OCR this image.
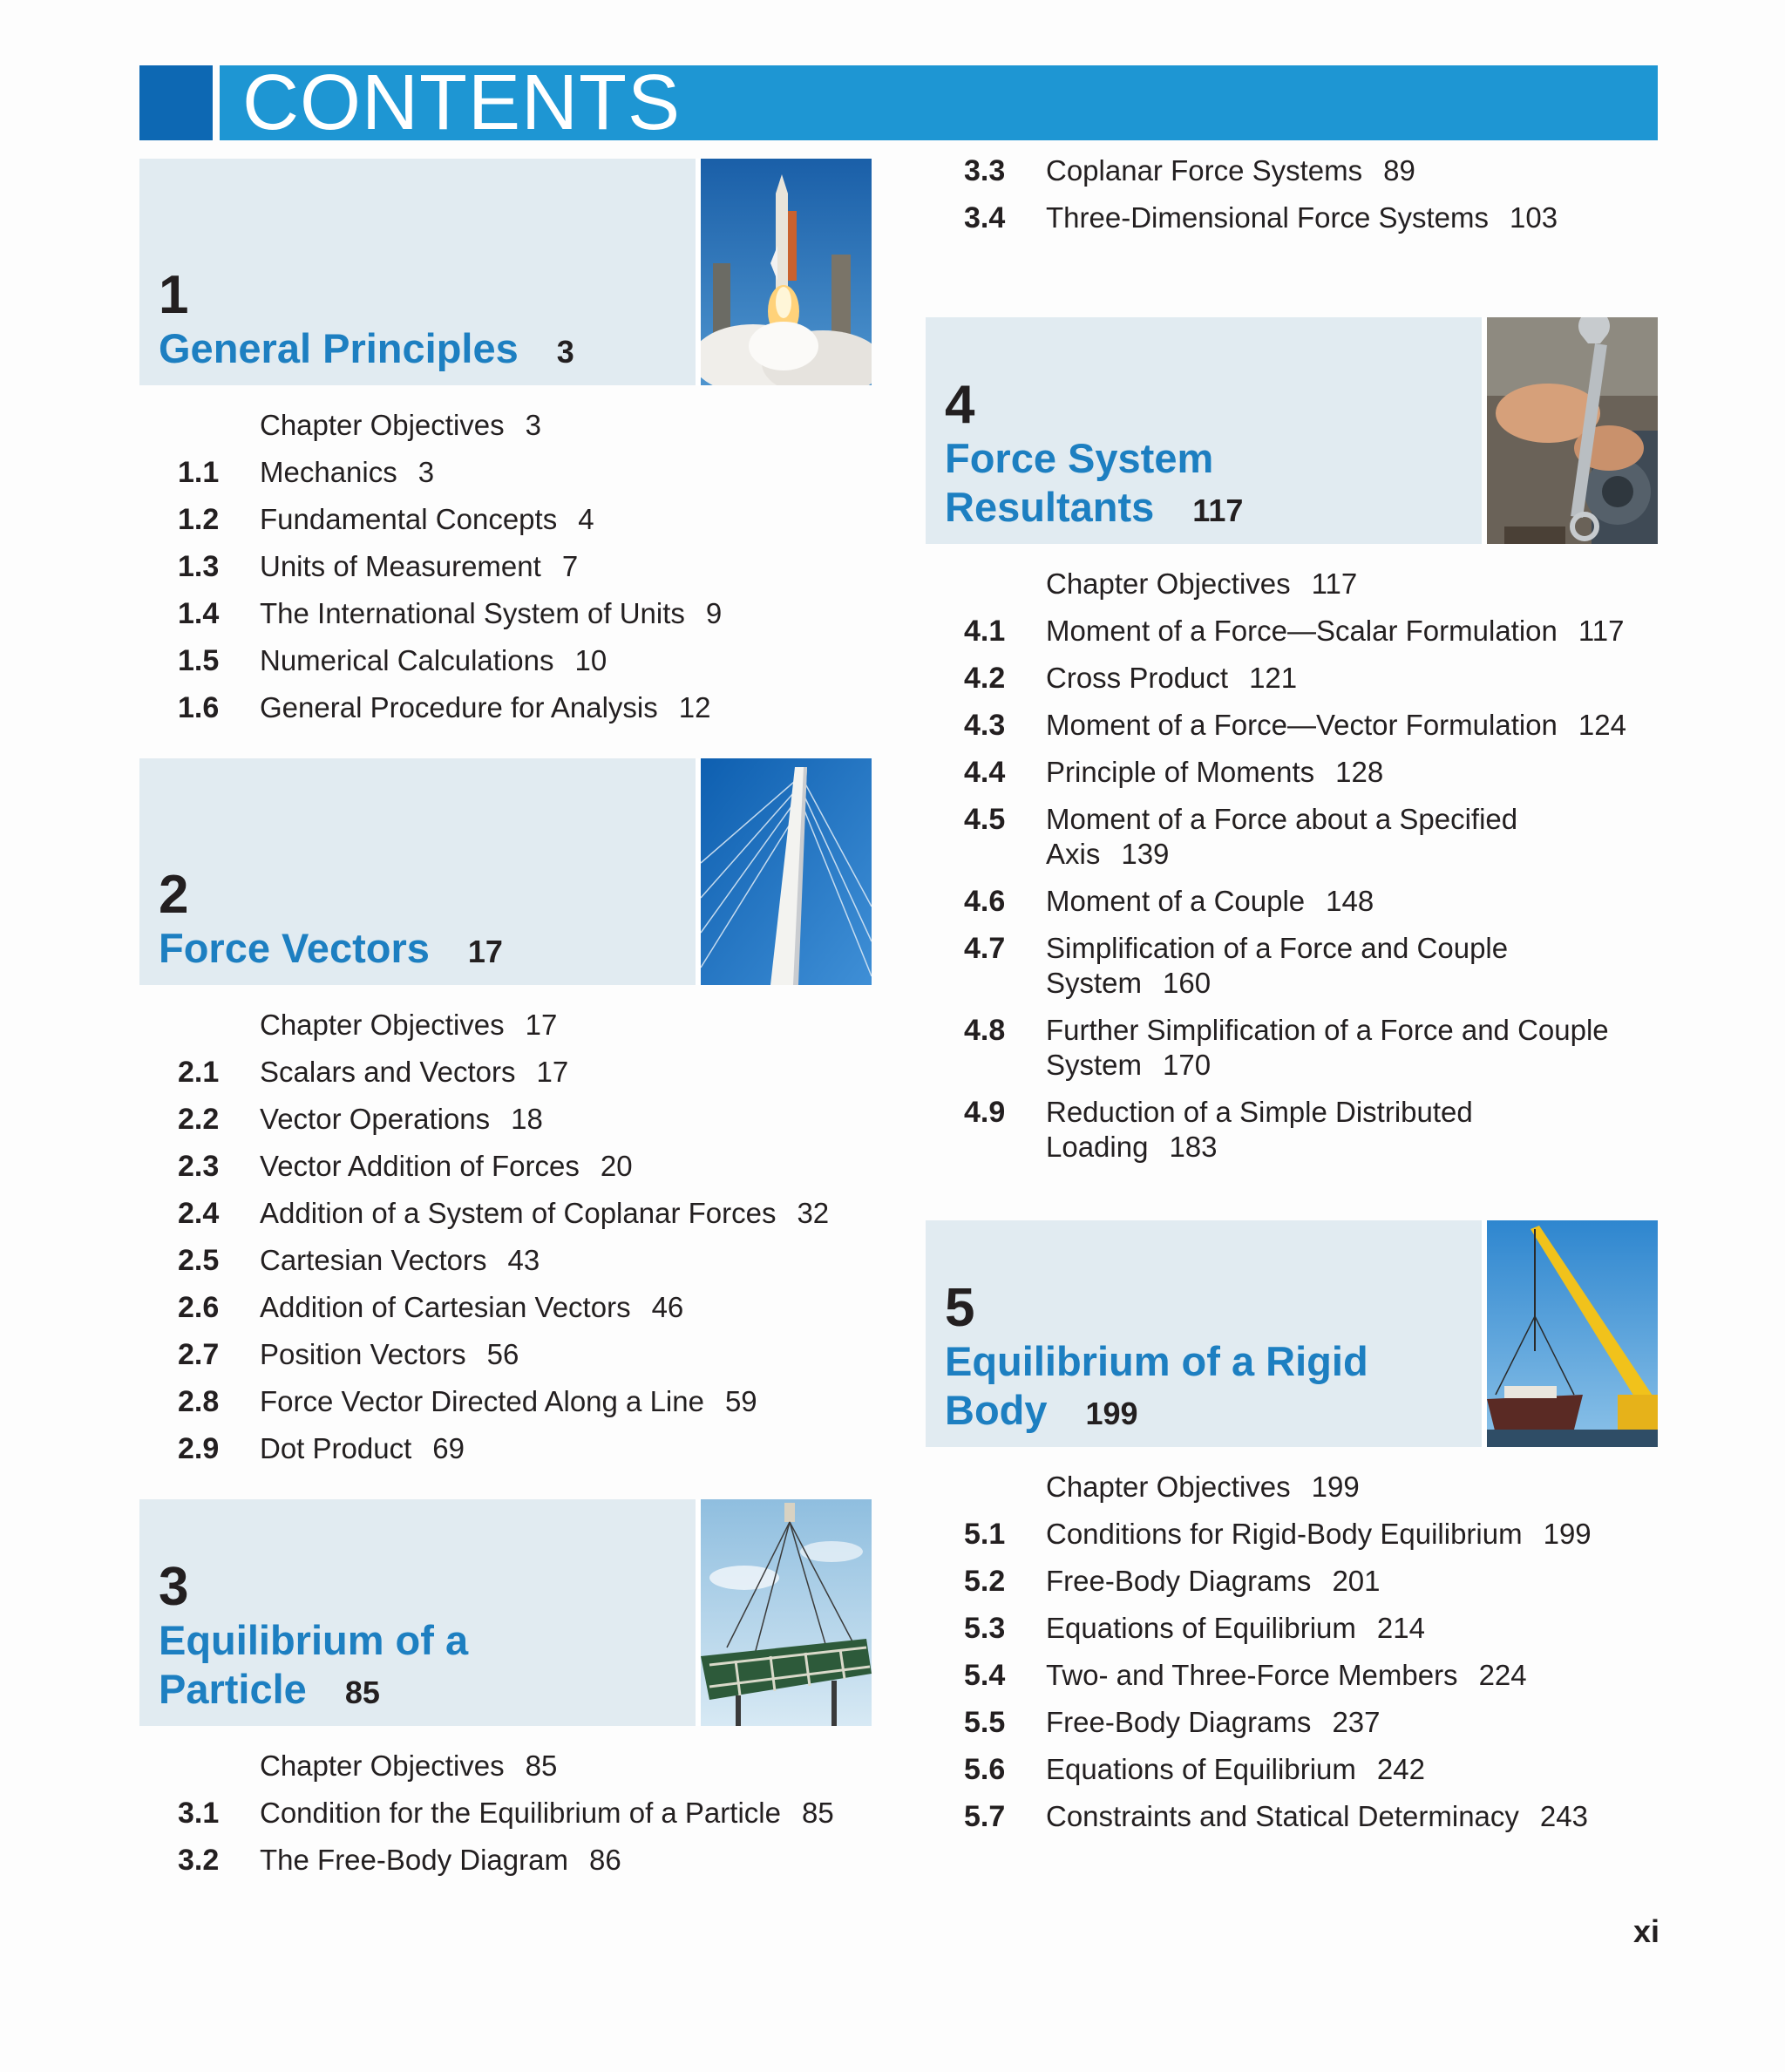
CONTENTS
1
General Principles 3
Chapter Objectives 3
1.1	Mechanics 3
1.2	Fundamental Concepts 4
1.3	Units of Measurement 7
1.4	The International System of Units 9
1.5	Numerical Calculations 10
1.6	General Procedure for Analysis 12
2
Force Vectors 17
Chapter Objectives 17
2.1	Scalars and Vectors 17
2.2	Vector Operations 18
2.3	Vector Addition of Forces 20
2.4	Addition of a System of Coplanar Forces 32
2.5	Cartesian Vectors 43
2.6	Addition of Cartesian Vectors 46
2.7	Position Vectors 56
2.8	Force Vector Directed Along a Line 59
2.9	Dot Product 69
3
Equilibrium of a Particle 85
Chapter Objectives 85
3.1	Condition for the Equilibrium of a Particle 85
3.2	The Free-Body Diagram 86
3.3	Coplanar Force Systems 89
3.4	Three-Dimensional Force Systems 103
4
Force System
Resultants 117
Chapter Objectives 117
4.1	Moment of a Force—Scalar Formulation 117
4.2	Cross Product 121
4.3	Moment of a Force—Vector Formulation 124
4.4	Principle of Moments 128
4.5	Moment of a Force about a Specified Axis 139
4.6	Moment of a Couple 148
4.7	Simplification of a Force and Couple System 160
4.8	Further Simplification of a Force and Couple System 170
4.9	Reduction of a Simple Distributed Loading 183
5
Equilibrium of a Rigid
Body 199
Chapter Objectives 199
5.1	Conditions for Rigid-Body Equilibrium 199
5.2	Free-Body Diagrams 201
5.3	Equations of Equilibrium 214
5.4	Two- and Three-Force Members 224
5.5	Free-Body Diagrams 237
5.6	Equations of Equilibrium 242
5.7	Constraints and Statical Determinacy 243
xi
